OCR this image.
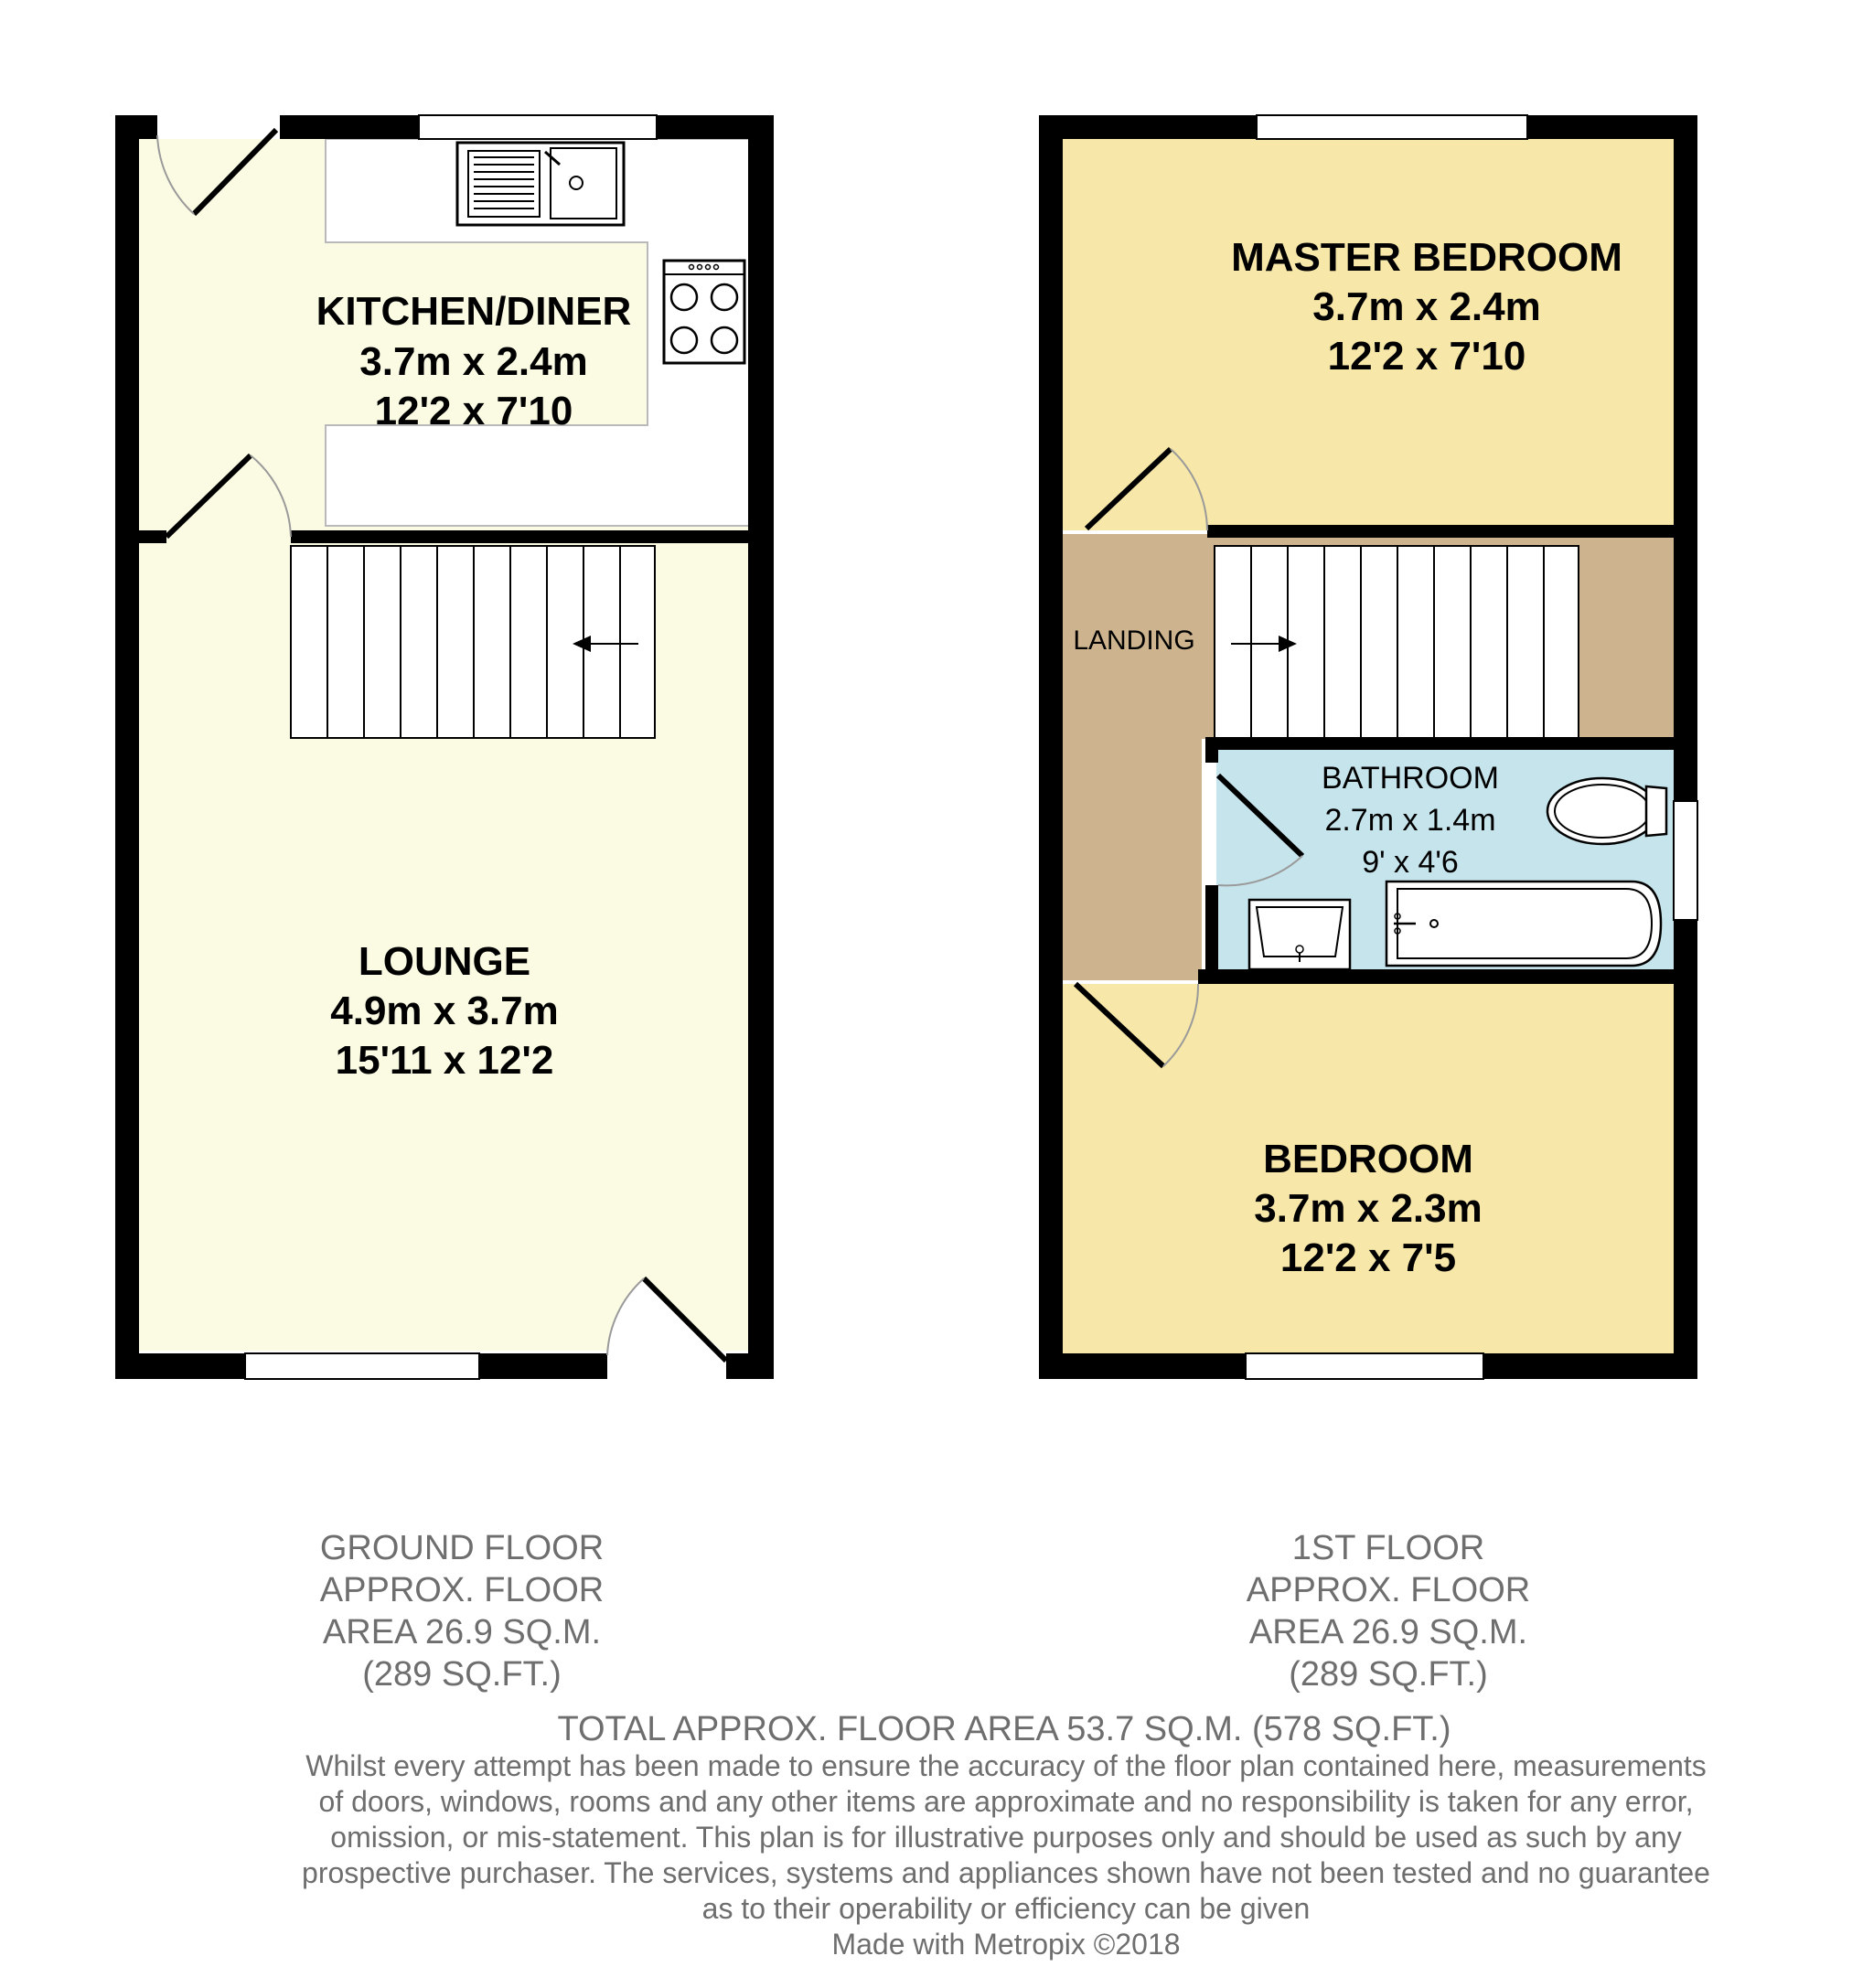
KITCHEN/DINER
3.7m x 2.4m
12'2 x 7'10
LOUNGE
4.9m x 3.7m
15'11 x 12'2
MASTER BEDROOM
3.7m x 2.4m
12'2 x 7'10
LANDING
BATHROOM
2.7m x 1.4m
9' x 4'6
BEDROOM
3.7m x 2.3m
12'2 x 7'5
GROUND FLOOR
APPROX. FLOOR
AREA 26.9 SQ.M.
(289 SQ.FT.)
1ST FLOOR
APPROX. FLOOR
AREA 26.9 SQ.M.
(289 SQ.FT.)
TOTAL APPROX. FLOOR AREA 53.7 SQ.M. (578 SQ.FT.)
Whilst every attempt has been made to ensure the accuracy of the floor plan contained here, measurements
of doors, windows, rooms and any other items are approximate and no responsibility is taken for any error,
omission, or mis-statement. This plan is for illustrative purposes only and should be used as such by any
prospective purchaser. The services, systems and appliances shown have not been tested and no guarantee
as to their operability or efficiency can be given
Made with Metropix ©2018
